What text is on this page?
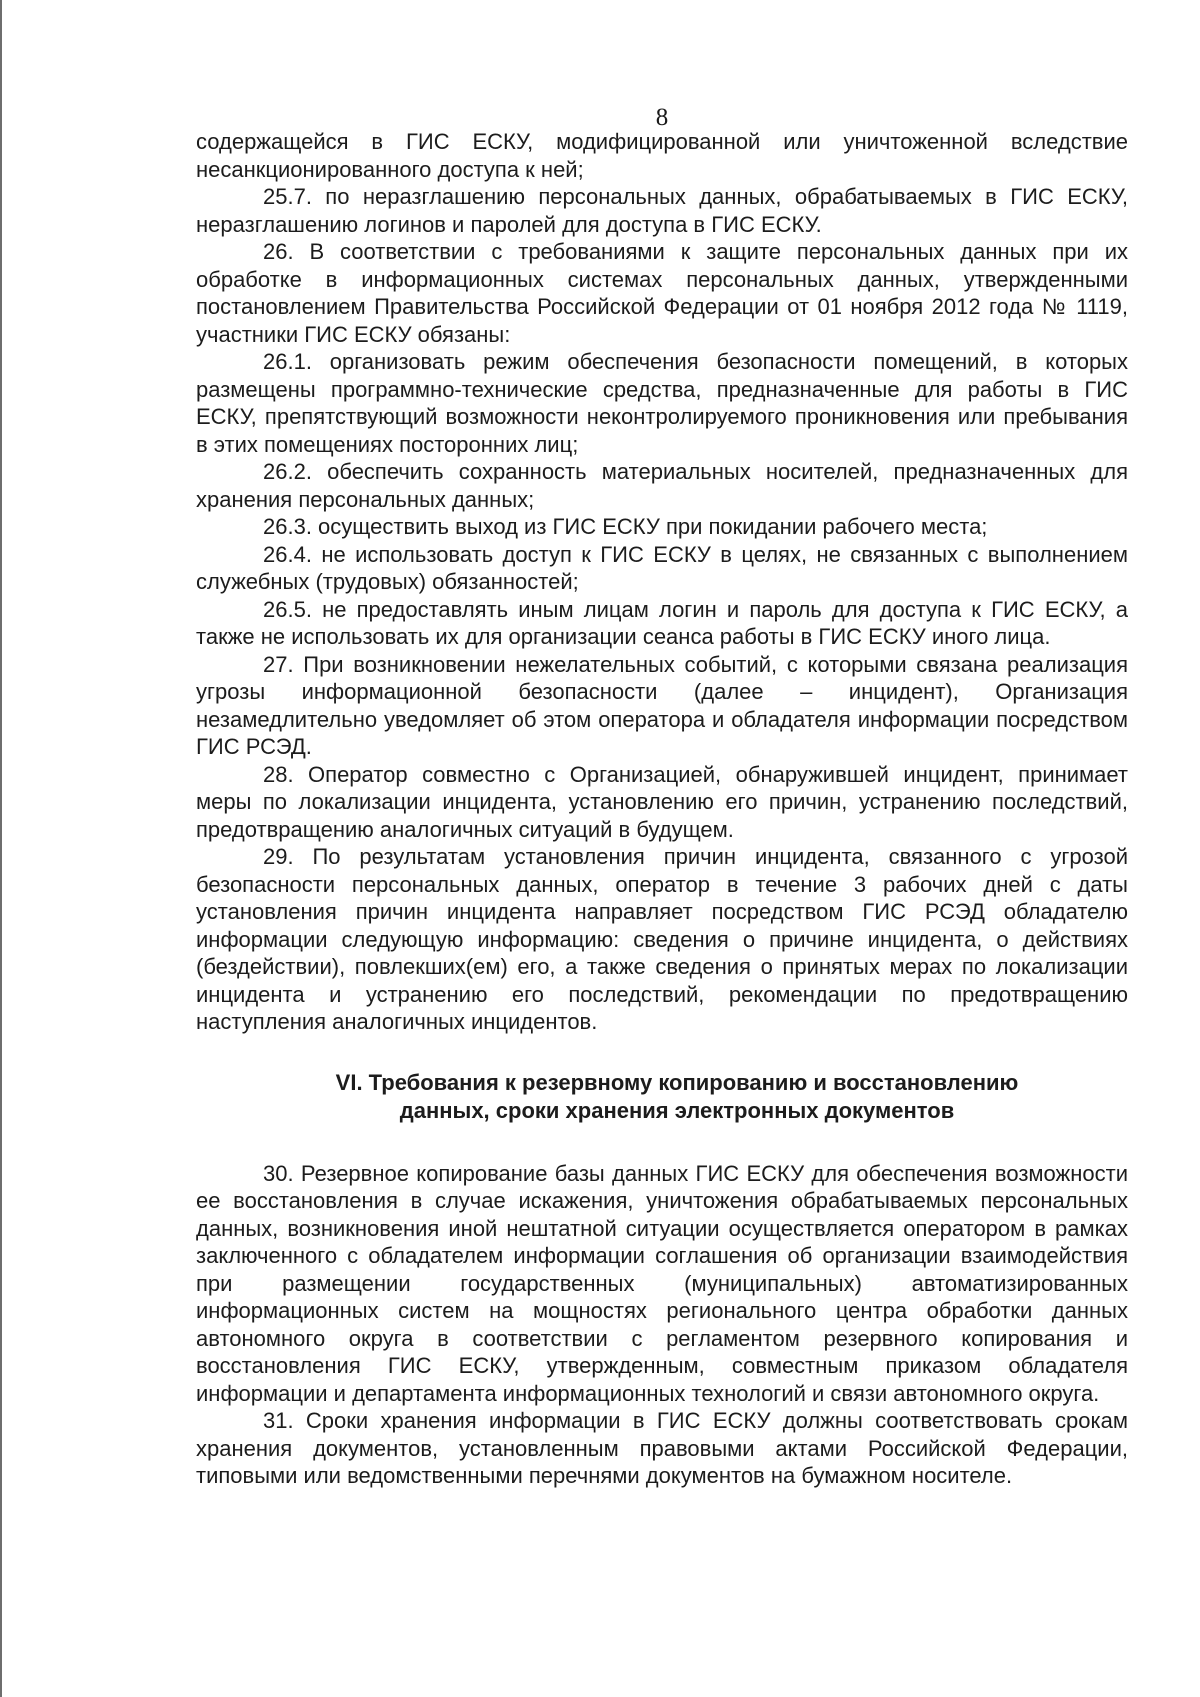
8

содержащейся в ГИС ЕСКУ, модифицированной или уничтоженной вследствие несанкционированного доступа к ней;

25.7. по неразглашению персональных данных, обрабатываемых в ГИС ЕСКУ, неразглашению логинов и паролей для доступа в ГИС ЕСКУ.

26. В соответствии с требованиями к защите персональных данных при их обработке в информационных системах персональных данных, утвержденными постановлением Правительства Российской Федерации от 01 ноября 2012 года № 1119, участники ГИС ЕСКУ обязаны:

26.1. организовать режим обеспечения безопасности помещений, в которых размещены программно-технические средства, предназначенные для работы в ГИС ЕСКУ, препятствующий возможности неконтролируемого проникновения или пребывания в этих помещениях посторонних лиц;

26.2. обеспечить сохранность материальных носителей, предназначенных для хранения персональных данных;

26.3. осуществить выход из ГИС ЕСКУ при покидании рабочего места;

26.4. не использовать доступ к ГИС ЕСКУ в целях, не связанных с выполнением служебных (трудовых) обязанностей;

26.5. не предоставлять иным лицам логин и пароль для доступа к ГИС ЕСКУ, а также не использовать их для организации сеанса работы в ГИС ЕСКУ иного лица.

27. При возникновении нежелательных событий, с которыми связана реализация угрозы информационной безопасности (далее – инцидент), Организация незамедлительно уведомляет об этом оператора и обладателя информации посредством ГИС РСЭД.

28. Оператор совместно с Организацией, обнаружившей инцидент, принимает меры по локализации инцидента, установлению его причин, устранению последствий, предотвращению аналогичных ситуаций в будущем.

29. По результатам установления причин инцидента, связанного с угрозой безопасности персональных данных, оператор в течение 3 рабочих дней с даты установления причин инцидента направляет посредством ГИС РСЭД обладателю информации следующую информацию: сведения о причине инцидента, о действиях (бездействии), повлекших(ем) его, а также сведения о принятых мерах по локализации инцидента и устранению его последствий, рекомендации по предотвращению наступления аналогичных инцидентов.

VI. Требования к резервному копированию и восстановлению
данных, сроки хранения электронных документов

30. Резервное копирование базы данных ГИС ЕСКУ для обеспечения возможности ее восстановления в случае искажения, уничтожения обрабатываемых персональных данных, возникновения иной нештатной ситуации осуществляется оператором в рамках заключенного с обладателем информации соглашения об организации взаимодействия при размещении государственных (муниципальных) автоматизированных информационных систем на мощностях регионального центра обработки данных автономного округа в соответствии с регламентом резервного копирования и восстановления ГИС ЕСКУ, утвержденным, совместным приказом обладателя информации и департамента информационных технологий и связи автономного округа.

31. Сроки хранения информации в ГИС ЕСКУ должны соответствовать срокам хранения документов, установленным правовыми актами Российской Федерации, типовыми или ведомственными перечнями документов на бумажном носителе.
